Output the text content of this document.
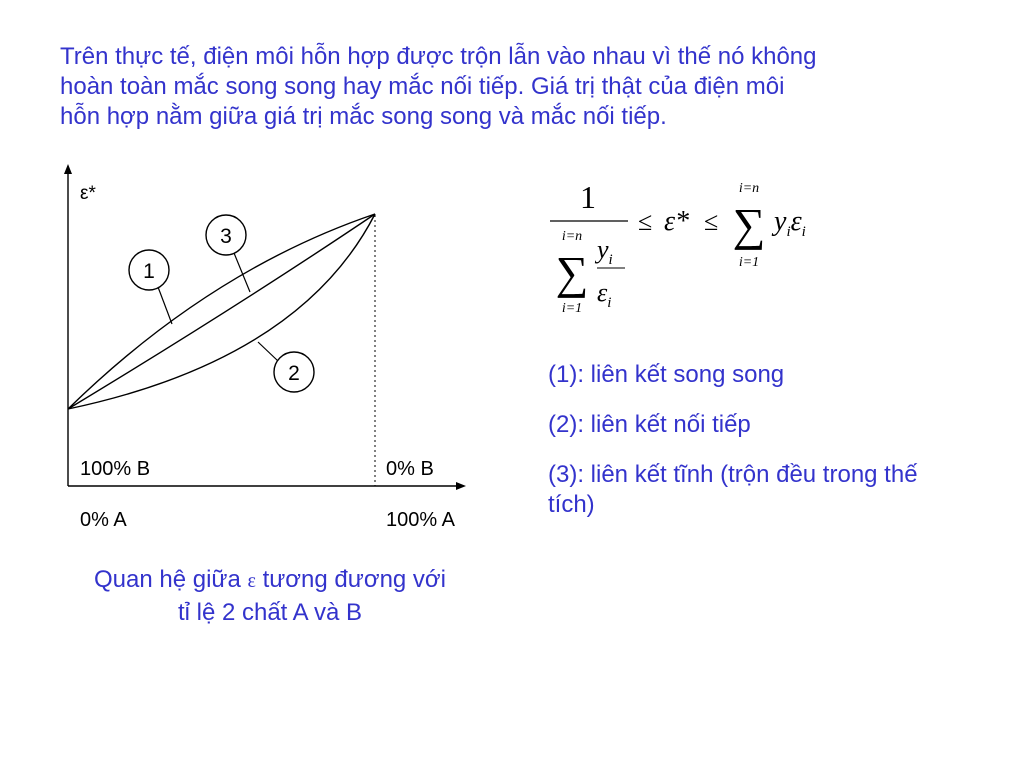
Trên thực tế, điện môi hỗn hợp được trộn lẫn vào nhau vì thế nó không
hoàn toàn mắc song song hay mắc nối tiếp. Giá trị thật của điện môi
hỗn hợp nằm giữa giá trị mắc song song và mắc nối tiếp.
1
3
2
ε*
100% B	0% B
0% A	100% A
Quan hệ giữa ε tương đương với
tỉ lệ 2 chất A và B
1
i=n
∑
i=1
$y_i$
$\varepsilon_i$
≤ ε* ≤
i=n
∑
i=1
$y_i\varepsilon_i$
(1): liên kết song song
(2): liên kết nối tiếp
(3): liên kết tĩnh (trộn đều trong thế tích)
